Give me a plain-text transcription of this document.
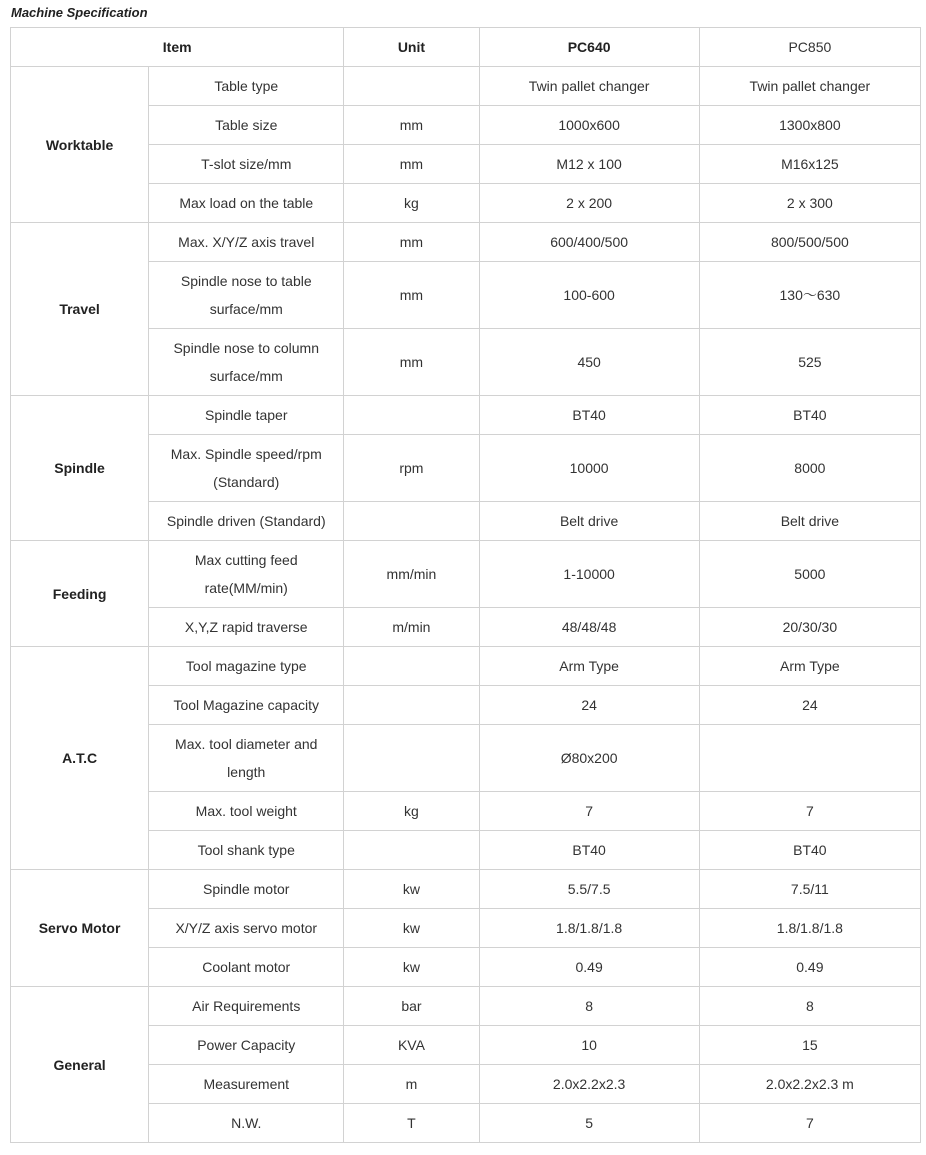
Machine Specification
Item		Unit	PC640	PC850
Worktable	Table type		Twin pallet changer	Twin pallet changer
	Table size	mm	1000x600	1300x800
	T-slot size/mm	mm	M12 x 100	M16x125
	Max load on the table	kg	2 x 200	2 x 300
Travel	Max. X/Y/Z axis travel	mm	600/400/500	800/500/500
	Spindle nose to table surface/mm	mm	100-600	130～630
	Spindle nose to column surface/mm	mm	450	525
Spindle	Spindle taper		BT40	BT40
	Max. Spindle speed/rpm (Standard)	rpm	10000	8000
	Spindle driven (Standard)		Belt drive	Belt drive
Feeding	Max cutting feed rate(MM/min)	mm/min	1-10000	5000
	X,Y,Z rapid traverse	m/min	48/48/48	20/30/30
A.T.C	Tool magazine type		Arm Type	Arm Type
	Tool Magazine capacity		24	24
	Max. tool diameter and length		Ø80x200	
	Max. tool weight	kg	7	7
	Tool shank type		BT40	BT40
Servo Motor	Spindle motor	kw	5.5/7.5	7.5/11
	X/Y/Z axis servo motor	kw	1.8/1.8/1.8	1.8/1.8/1.8
	Coolant motor	kw	0.49	0.49
General	Air Requirements	bar	8	8
	Power Capacity	KVA	10	15
	Measurement	m	2.0x2.2x2.3	2.0x2.2x2.3 m
	N.W.	T	5	7
